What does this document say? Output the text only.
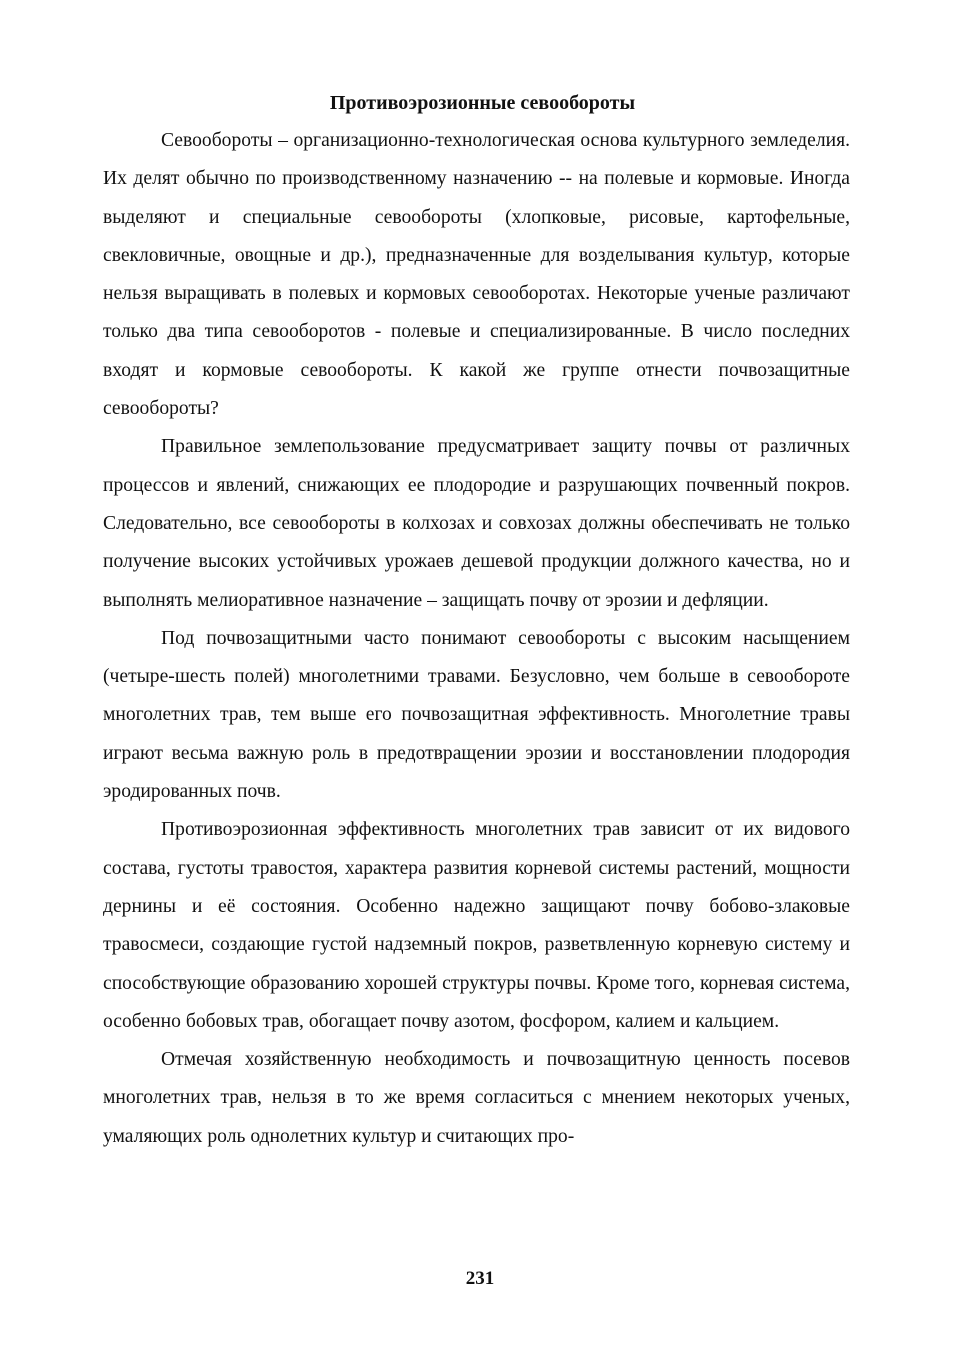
Противоэрозионные севообороты

Севообороты – организационно-технологическая основа культурного земледелия. Их делят обычно по производственному назначению -- на полевые и кормовые. Иногда выделяют и специальные севообороты (хлопковые, рисовые, картофельные, свекловичные, овощные и др.), предназначенные для возделывания культур, которые нельзя выращивать в полевых и кормовых севооборотах. Некоторые ученые различают только два типа севооборотов - полевые и специализированные. В число последних входят и кормовые севообороты. К какой же группе отнести почвозащитные севообороты?

Правильное землепользование предусматривает защиту почвы от различных процессов и явлений, снижающих ее плодородие и разрушающих почвенный покров. Следовательно, все севообороты в колхозах и совхозах должны обеспечивать не только получение высоких устойчивых урожаев дешевой продукции должного качества, но и выполнять мелиоративное назначение – защищать почву от эрозии и дефляции.

Под почвозащитными часто понимают севообороты с высоким насыщением (четыре-шесть полей) многолетними травами. Безусловно, чем больше в севообороте многолетних трав, тем выше его почвозащитная эффективность. Многолетние травы играют весьма важную роль в предотвращении эрозии и восстановлении плодородия эродированных почв.

Противоэрозионная эффективность многолетних трав зависит от их видового состава, густоты травостоя, характера развития корневой системы растений, мощности дернины и её состояния. Особенно надежно защищают почву бобово-злаковые травосмеси, создающие густой надземный покров, разветвленную корневую систему и способствующие образованию хорошей структуры почвы. Кроме того, корневая система, особенно бобовых трав, обогащает почву азотом, фосфором, калием и кальцием.

Отмечая хозяйственную необходимость и почвозащитную ценность посевов многолетних трав, нельзя в то же время согласиться с мнением некоторых ученых, умаляющих роль однолетних культур и считающих про-

231
